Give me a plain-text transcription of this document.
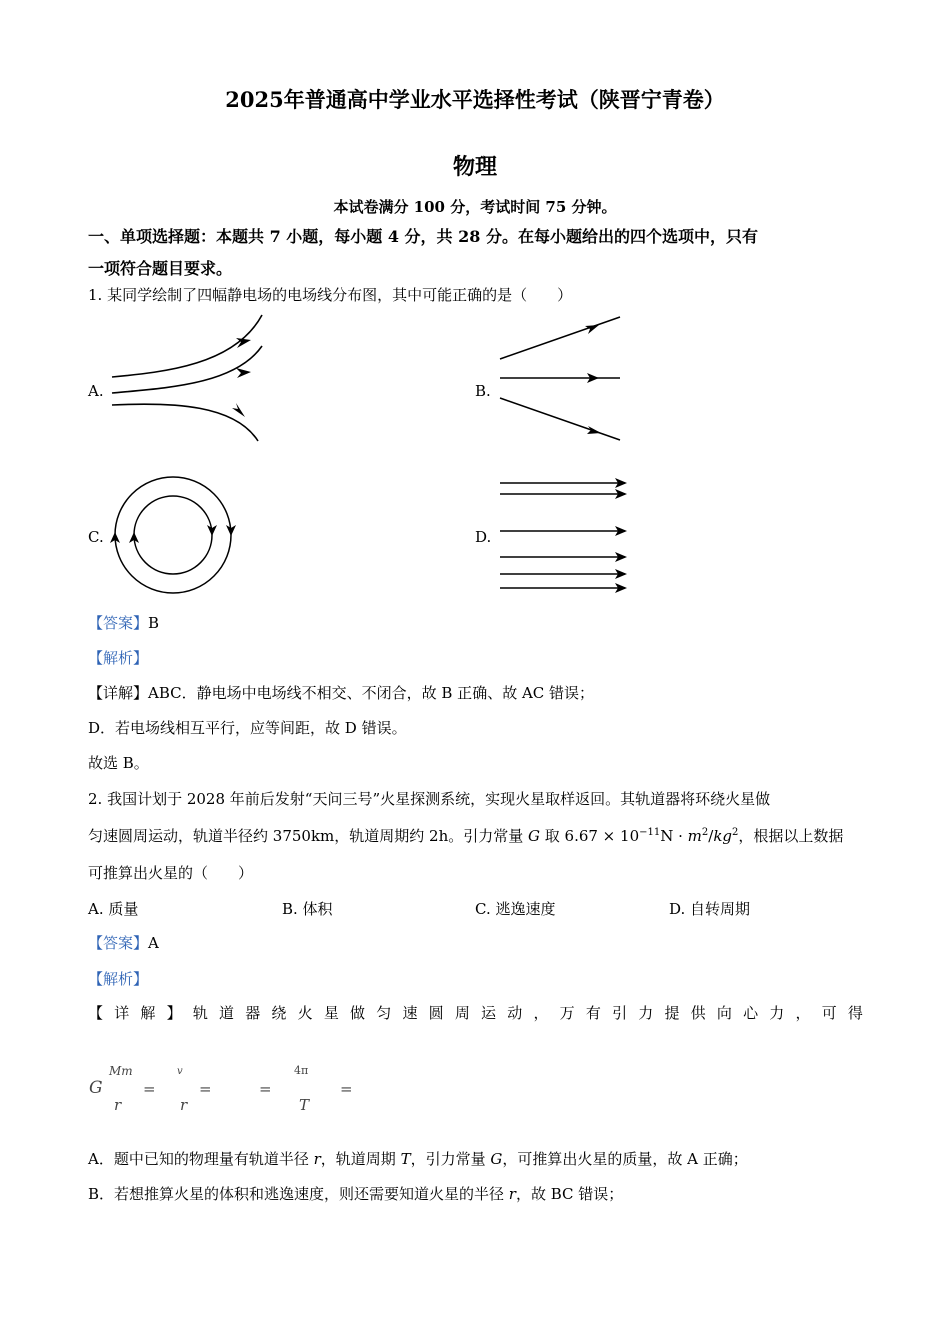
2025年普通高中学业水平选择性考试（陕晋宁青卷）
物理
本试卷满分 100 分，考试时间 75 分钟。
一、单项选择题：本题共 7 小题，每小题 4 分，共 28 分。在每小题给出的四个选项中，只有
一项符合题目要求。
1. 某同学绘制了四幅静电场的电场线分布图，其中可能正确的是（　　）
A.	B.
C.	D.
【答案】B
【解析】
【详解】ABC．静电场中电场线不相交、不闭合，故 B 正确、故 AC 错误；
D．若电场线相互平行，应等间距，故 D 错误。
故选 B。
2. 我国计划于 2028 年前后发射“天问三号”火星探测系统，实现火星取样返回。其轨道器将环绕火星做
匀速圆周运动，轨道半径约 3750km，轨道周期约 2h。引力常量 G 取 $6.67 \times 10^{-11}N \cdot m^2/kg^2$，根据以上数据
可推算出火星的（　　）
A. 质量	B. 体积	C. 逃逸速度	D. 自转周期
【答案】A
【解析】
【 详 解 】 轨 道 器 绕 火 星 做 匀 速 圆 周 运 动 ， 万 有 引 力 提 供 向 心 力 ， 可 得
G
Mm
r
=
v
r
=	=
4π
T
=
A．题中已知的物理量有轨道半径 r，轨道周期 T，引力常量 G，可推算出火星的质量，故 A 正确；
B．若想推算火星的体积和逃逸速度，则还需要知道火星的半径 r，故 BC 错误；
